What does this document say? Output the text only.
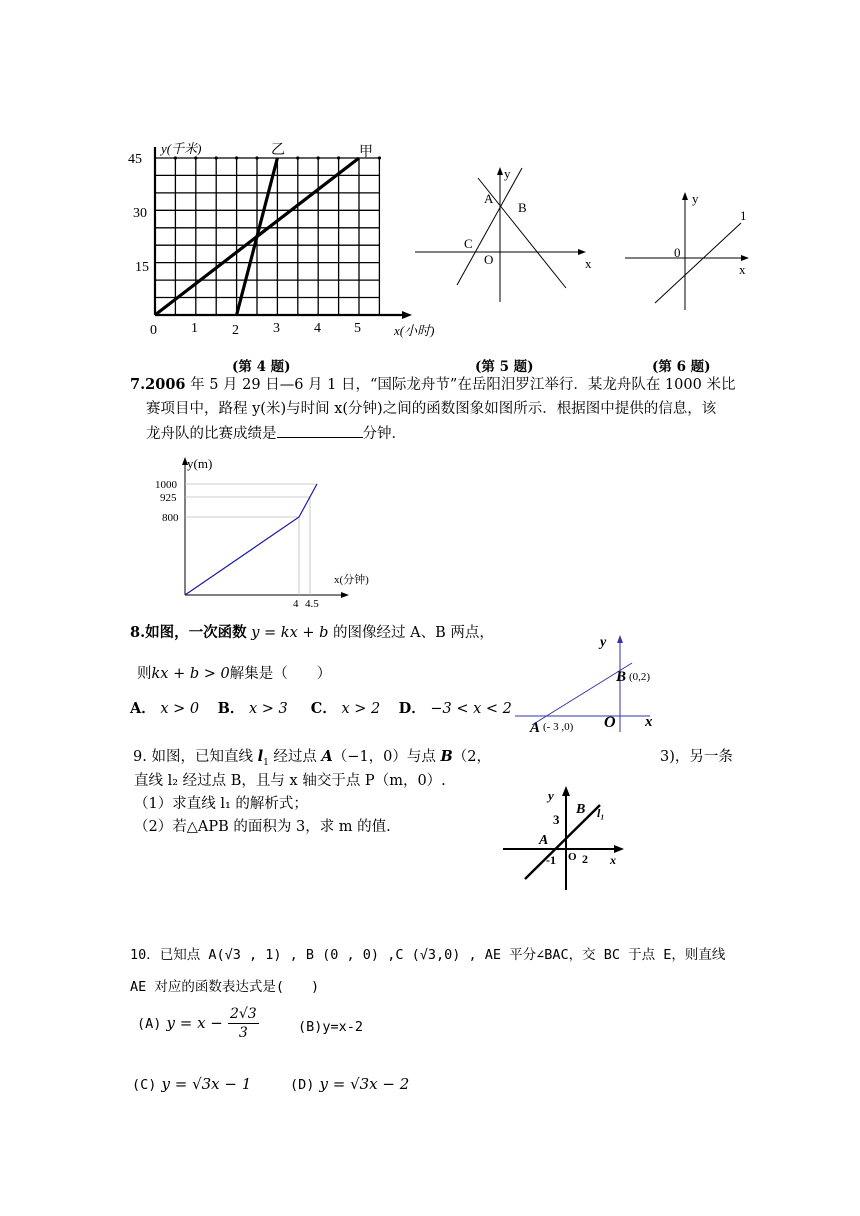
y(千米)
45
30
15
0 1 2 3 4 5	x(小时)
乙	甲
y
A
B
C
O	x
y
1
0
x
(第 4 题)	(第 5 题)	(第 6 题)
7.2006 年 5 月 29 日—6 月 1 日，“国际龙舟节”在岳阳汨罗江举行．某龙舟队在 1000 米比
赛项目中，路程 y(米)与时间 x(分钟)之间的函数图象如图所示．根据图中提供的信息，该
龙舟队的比赛成绩是	分钟．
y(m)
1000
925
800
x(分钟)
4 4.5
8.如图，一次函数 y = kx + b 的图像经过 A、B 两点，
则kx + b > 0解集是（　　）
A． x > 0 B． x > 3 C． x > 2 D． −3 < x < 2
y
B (0,2)
O x
A (- 3 ,0)
9. 如图，已知直线 $l_1$ 经过点 A（−1，0）与点 B（2，	3)，另一条
直线 l₂ 经过点 B，且与 x 轴交于点 P（m，0）.
（1）求直线 l₁ 的解析式；
（2）若△APB 的面积为 3，求 m 的值.
y
B l₁
3
A
-1 O 2 x
10．已知点 A(√3 , 1) , B (0 , 0) ,C (√3,0) , AE 平分∠BAC，交 BC 于点 E，则直线
AE 对应的函数表达式是(　　)
(A) $y = x - \frac{2√3}{3}$	(B)y=x-2
(C) y = √3x − 1	(D) y = √3x − 2
